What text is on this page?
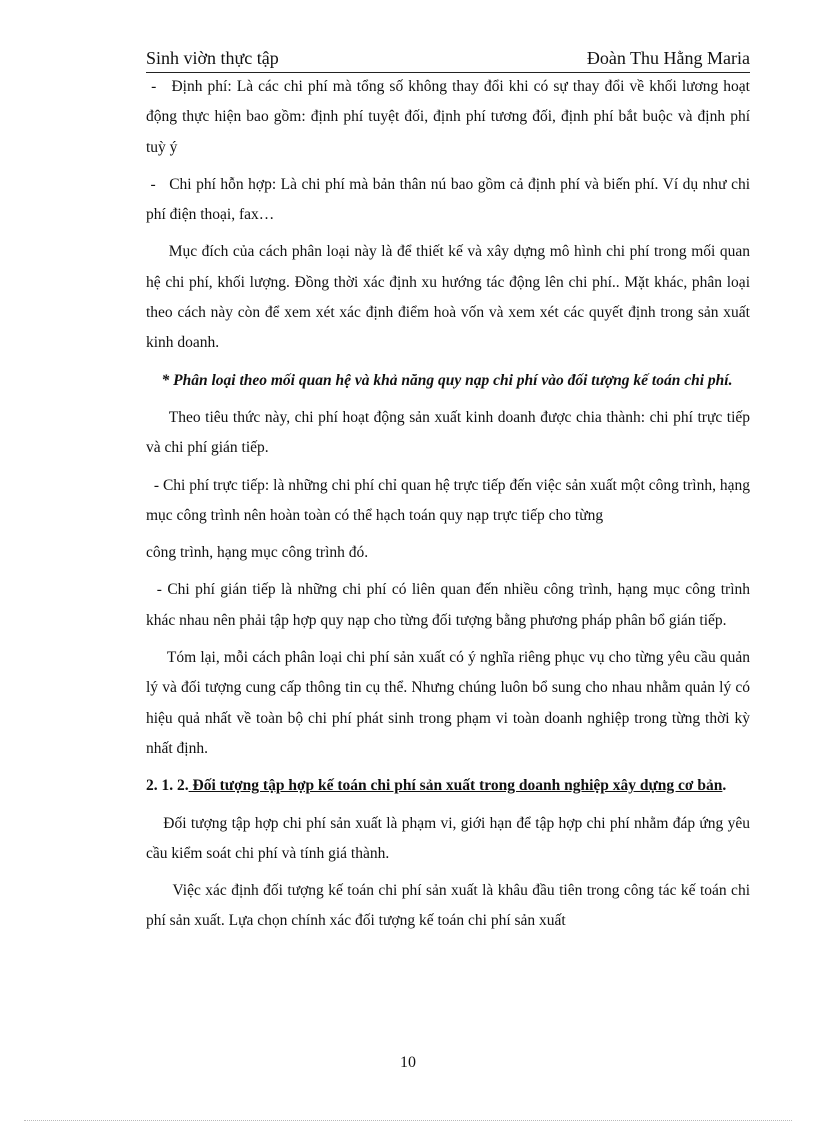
Sinh viờn thực tập	Đoàn Thu Hằng Maria

-   Định phí: Là các chi phí mà tổng số không thay đổi khi có sự thay đổi về khối lương hoạt động thực hiện bao gồm: định phí tuyệt đối, định phí tương đối, định phí bắt buộc và định phí tuỳ ý

-   Chi phí hỗn hợp: Là chi phí mà bản thân nú bao gồm cả định phí và biến phí. Ví dụ như chi phí điện thoại, fax…

Mục đích của cách phân loại này là để thiết kế và xây dựng mô hình chi phí trong mối quan hệ chi phí, khối lượng. Đồng thời xác định xu hướng tác động lên chi phí.. Mặt khác, phân loại theo cách này còn để xem xét xác định điểm hoà vốn và xem xét các quyết định trong sản xuất kinh doanh.

* Phân loại theo mối quan hệ và khả năng quy nạp chi phí vào đối tượng kế toán chi phí.

Theo tiêu thức này, chi phí hoạt động sản xuất kinh doanh được chia thành: chi phí trực tiếp và chi phí gián tiếp.

- Chi phí trực tiếp: là những chi phí chỉ quan hệ trực tiếp đến việc sản xuất một công trình, hạng mục công trình nên hoàn toàn có thể hạch toán quy nạp trực tiếp cho từng

công trình, hạng mục công trình đó.

- Chi phí gián tiếp là những chi phí có liên quan đến nhiều công trình, hạng mục công trình khác nhau nên phải tập hợp quy nạp cho từng đối tượng bằng phương pháp phân bổ gián tiếp.

Tóm lại, mỗi cách phân loại chi phí sản xuất có ý nghĩa riêng phục vụ cho từng yêu cầu quản lý và đối tượng cung cấp thông tin cụ thể. Nhưng chúng luôn bổ sung cho nhau nhằm quản lý có hiệu quả nhất về toàn bộ chi phí phát sinh trong phạm vi toàn doanh nghiệp trong từng thời kỳ nhất định.

2. 1. 2. Đối tượng tập hợp kế toán chi phí sản xuất trong doanh nghiệp xây dựng cơ bản.

Đối tượng tập hợp chi phí sản xuất là phạm vi, giới hạn để tập hợp chi phí nhằm đáp ứng yêu cầu kiểm soát chi phí và tính giá thành.

Việc xác định đối tượng kế toán chi phí sản xuất là khâu đầu tiên trong công tác kế toán chi phí sản xuất. Lựa chọn chính xác đối tượng kế toán chi phí sản xuất

10
